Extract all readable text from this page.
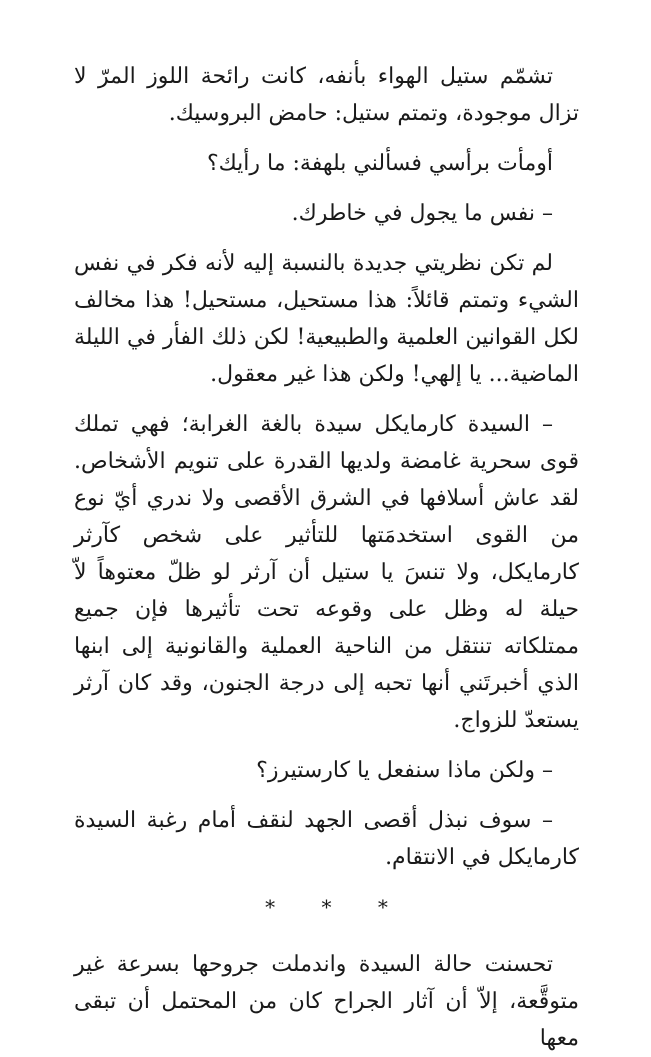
تشمّم ستيل الهواء بأنفه، كانت رائحة اللوز المرّ لا تزال موجودة، وتمتم ستيل: حامض البروسيك.

أومأت برأسي فسألني بلهفة: ما رأيك؟

– نفس ما يجول في خاطرك.

لم تكن نظريتي جديدة بالنسبة إليه لأنه فكر في نفس الشيء وتمتم قائلاً: هذا مستحيل، مستحيل! هذا مخالف لكل القوانين العلمية والطبيعية! لكن ذلك الفأر في الليلة الماضية... يا إلهي! ولكن هذا غير معقول.

– السيدة كارمايكل سيدة بالغة الغرابة؛ فهي تملك قوى سحرية غامضة ولديها القدرة على تنويم الأشخاص. لقد عاش أسلافها في الشرق الأقصى ولا ندري أيّ نوع من القوى استخدمَتها للتأثير على شخص كآرثر كارمايكل، ولا تنسَ يا ستيل أن آرثر لو ظلّ معتوهاً لاّ حيلة له وظل على وقوعه تحت تأثيرها فإن جميع ممتلكاته تنتقل من الناحية العملية والقانونية إلى ابنها الذي أخبرتَني أنها تحبه إلى درجة الجنون، وقد كان آرثر يستعدّ للزواج.

– ولكن ماذا سنفعل يا كارستيرز؟

– سوف نبذل أقصى الجهد لنقف أمام رغبة السيدة كارمايكل في الانتقام.

* * *

تحسنت حالة السيدة واندملت جروحها بسرعة غير متوقَّعة، إلاّ أن آثار الجراح كان من المحتمل أن تبقى معها
